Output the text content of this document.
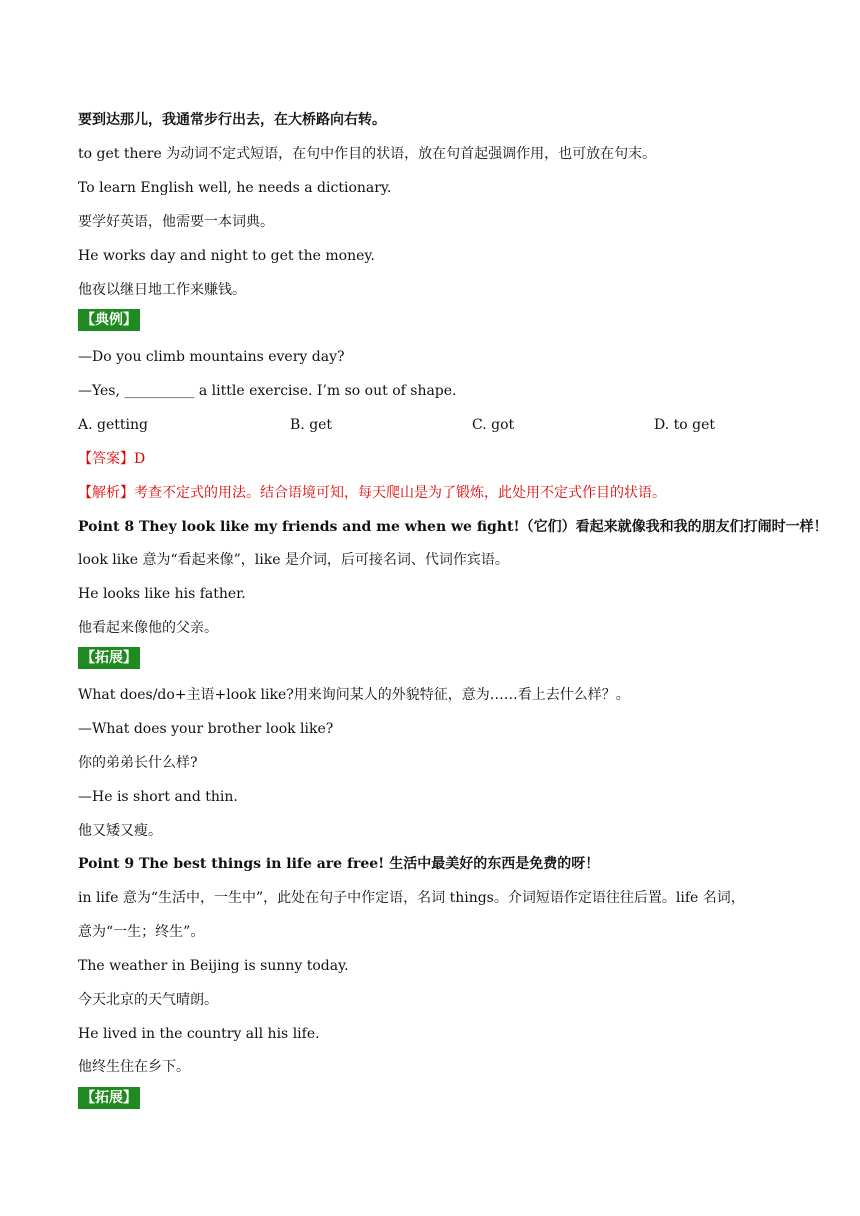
要到达那儿，我通常步行出去，在大桥路向右转。
to get there 为动词不定式短语，在句中作目的状语，放在句首起强调作用，也可放在句末。
To learn English well, he needs a dictionary.
要学好英语，他需要一本词典。
He works day and night to get the money.
他夜以继日地工作来赚钱。
【典例】
—Do you climb mountains every day?
—Yes, __________ a little exercise. I’m so out of shape.
A. getting	B. get	C. got	D. to get
【答案】D
【解析】考查不定式的用法。结合语境可知，每天爬山是为了锻炼，此处用不定式作目的状语。
Point 8 They look like my friends and me when we fight!（它们）看起来就像我和我的朋友们打闹时一样！
look like 意为“看起来像”，like 是介词，后可接名词、代词作宾语。
He looks like his father.
他看起来像他的父亲。
【拓展】
What does/do+主语+look like?用来询问某人的外貌特征，意为……看上去什么样？。
—What does your brother look like?
你的弟弟长什么样?
—He is short and thin.
他又矮又瘦。
Point 9 The best things in life are free! 生活中最美好的东西是免费的呀！
in life 意为“生活中，一生中”，此处在句子中作定语，名词 things。介词短语作定语往往后置。life 名词，
意为“一生；终生”。
The weather in Beijing is sunny today.
今天北京的天气晴朗。
He lived in the country all his life.
他终生住在乡下。
【拓展】
